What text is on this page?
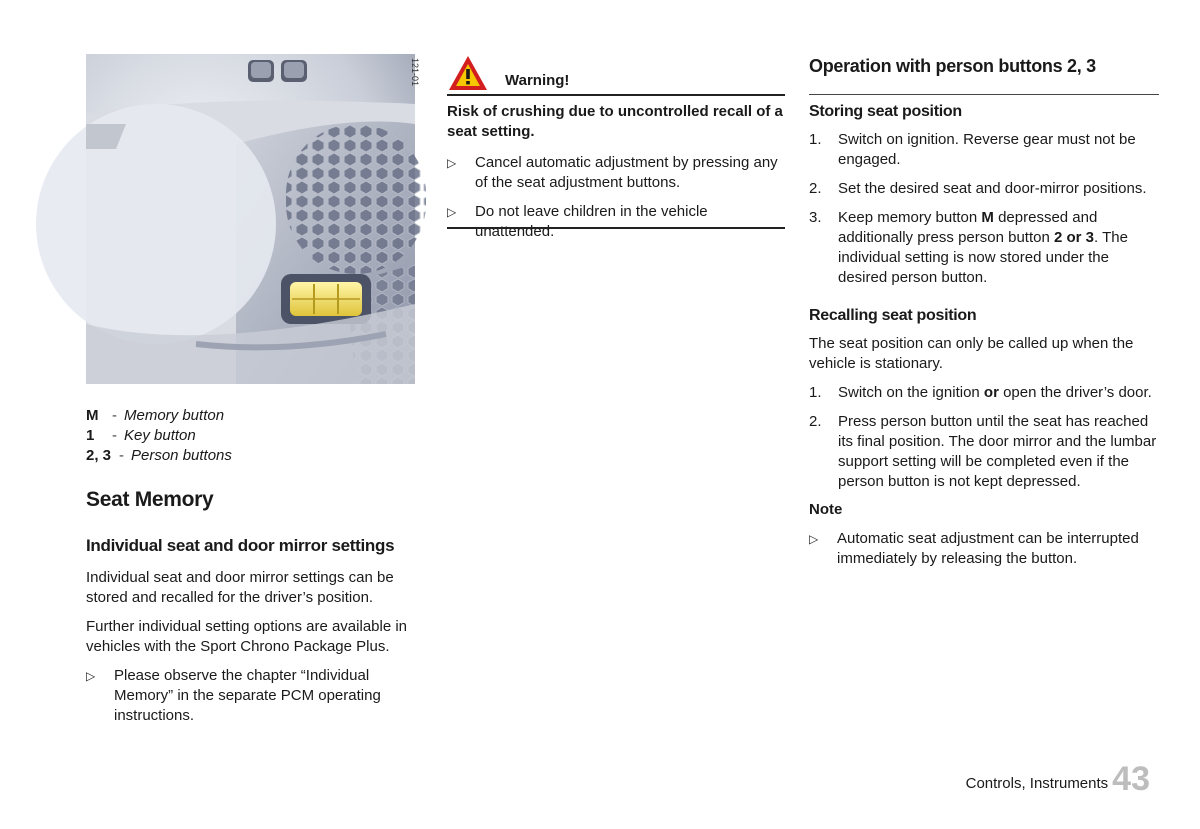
121-01
M - Memory button
1	- Key button
2, 3 - Person buttons
Seat Memory
Individual seat and door mirror settings

Individual seat and door mirror settings can be stored and recalled for the driver’s position.

Further individual setting options are available in vehicles with the Sport Chrono Package Plus.

▷	Please observe the chapter “Individual Memory” in the separate PCM operating instructions.
Warning!

Risk of crushing due to uncontrolled recall of a seat setting.

▷	Cancel automatic adjustment by pressing any of the seat adjustment buttons.
▷	Do not leave children in the vehicle unattended.
Operation with person buttons 2, 3
Storing seat position
1.	Switch on ignition. Reverse gear must not be engaged.
2.	Set the desired seat and door-mirror positions.
3.	Keep memory button M depressed and additionally press person button 2 or 3. The individual setting is now stored under the desired person button.
Recalling seat position

The seat position can only be called up when the vehicle is stationary.

1.	Switch on the ignition or open the driver’s door.
2.	Press person button until the seat has reached its final position. The door mirror and the lumbar support setting will be completed even if the person button is not kept depressed.

Note

▷	Automatic seat adjustment can be interrupted immediately by releasing the button.
Controls, Instruments 43
